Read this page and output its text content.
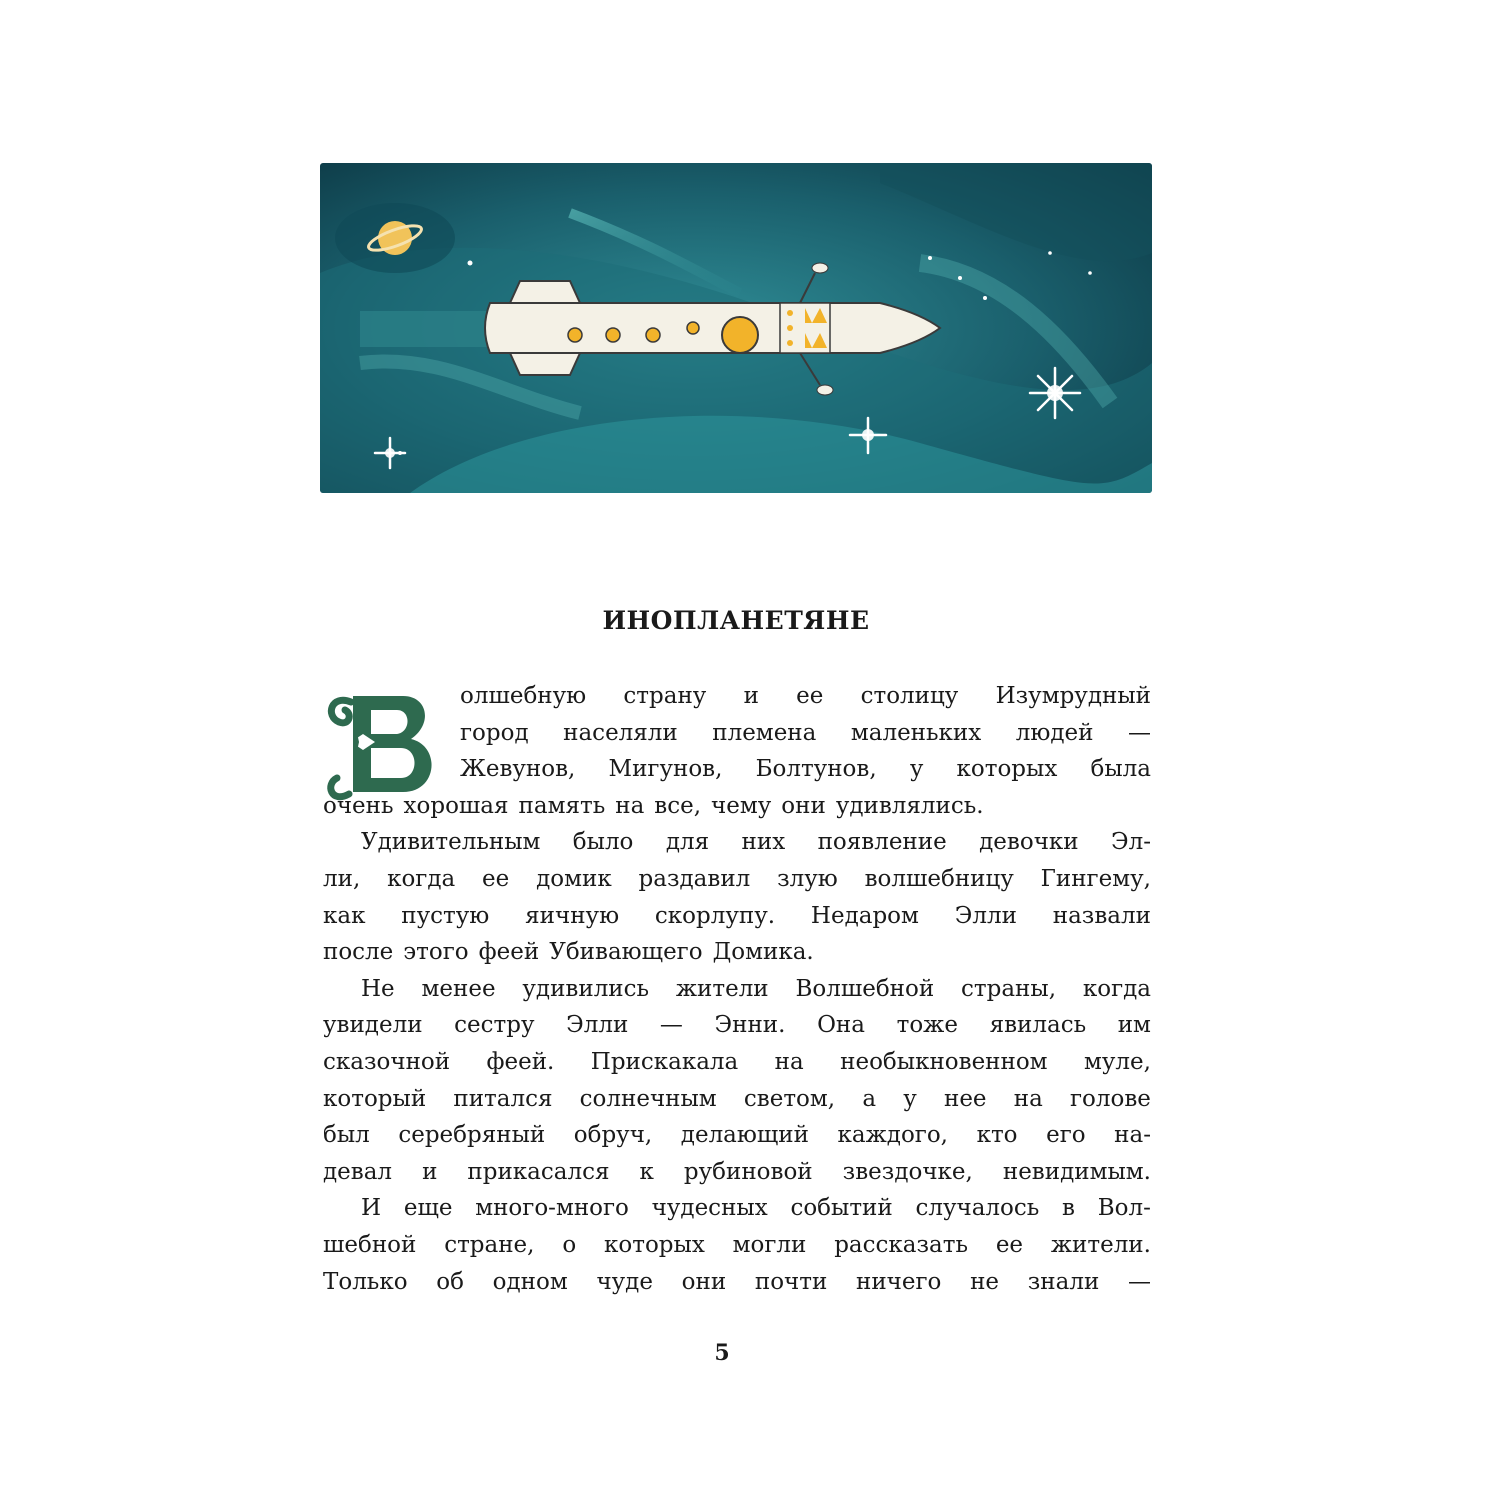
ИНОПЛАНЕТЯНЕ
олшебную страну и ее столицу Изумрудный
город населяли племена маленьких людей —
Жевунов, Мигунов, Болтунов, у которых была
очень хорошая память на все, чему они удивлялись.
Удивительным было для них появление девочки Эл-
ли, когда ее домик раздавил злую волшебницу Гингему,
как пустую яичную скорлупу. Недаром Элли назвали
после этого феей Убивающего Домика.
Не менее удивились жители Волшебной страны, когда
увидели сестру Элли — Энни. Она тоже явилась им
сказочной феей. Прискакала на необыкновенном муле,
который питался солнечным светом, а у нее на голове
был серебряный обруч, делающий каждого, кто его на-
девал и прикасался к рубиновой звездочке, невидимым.
И еще много-много чудесных событий случалось в Вол-
шебной стране, о которых могли рассказать ее жители.
Только об одном чуде они почти ничего не знали —
5
